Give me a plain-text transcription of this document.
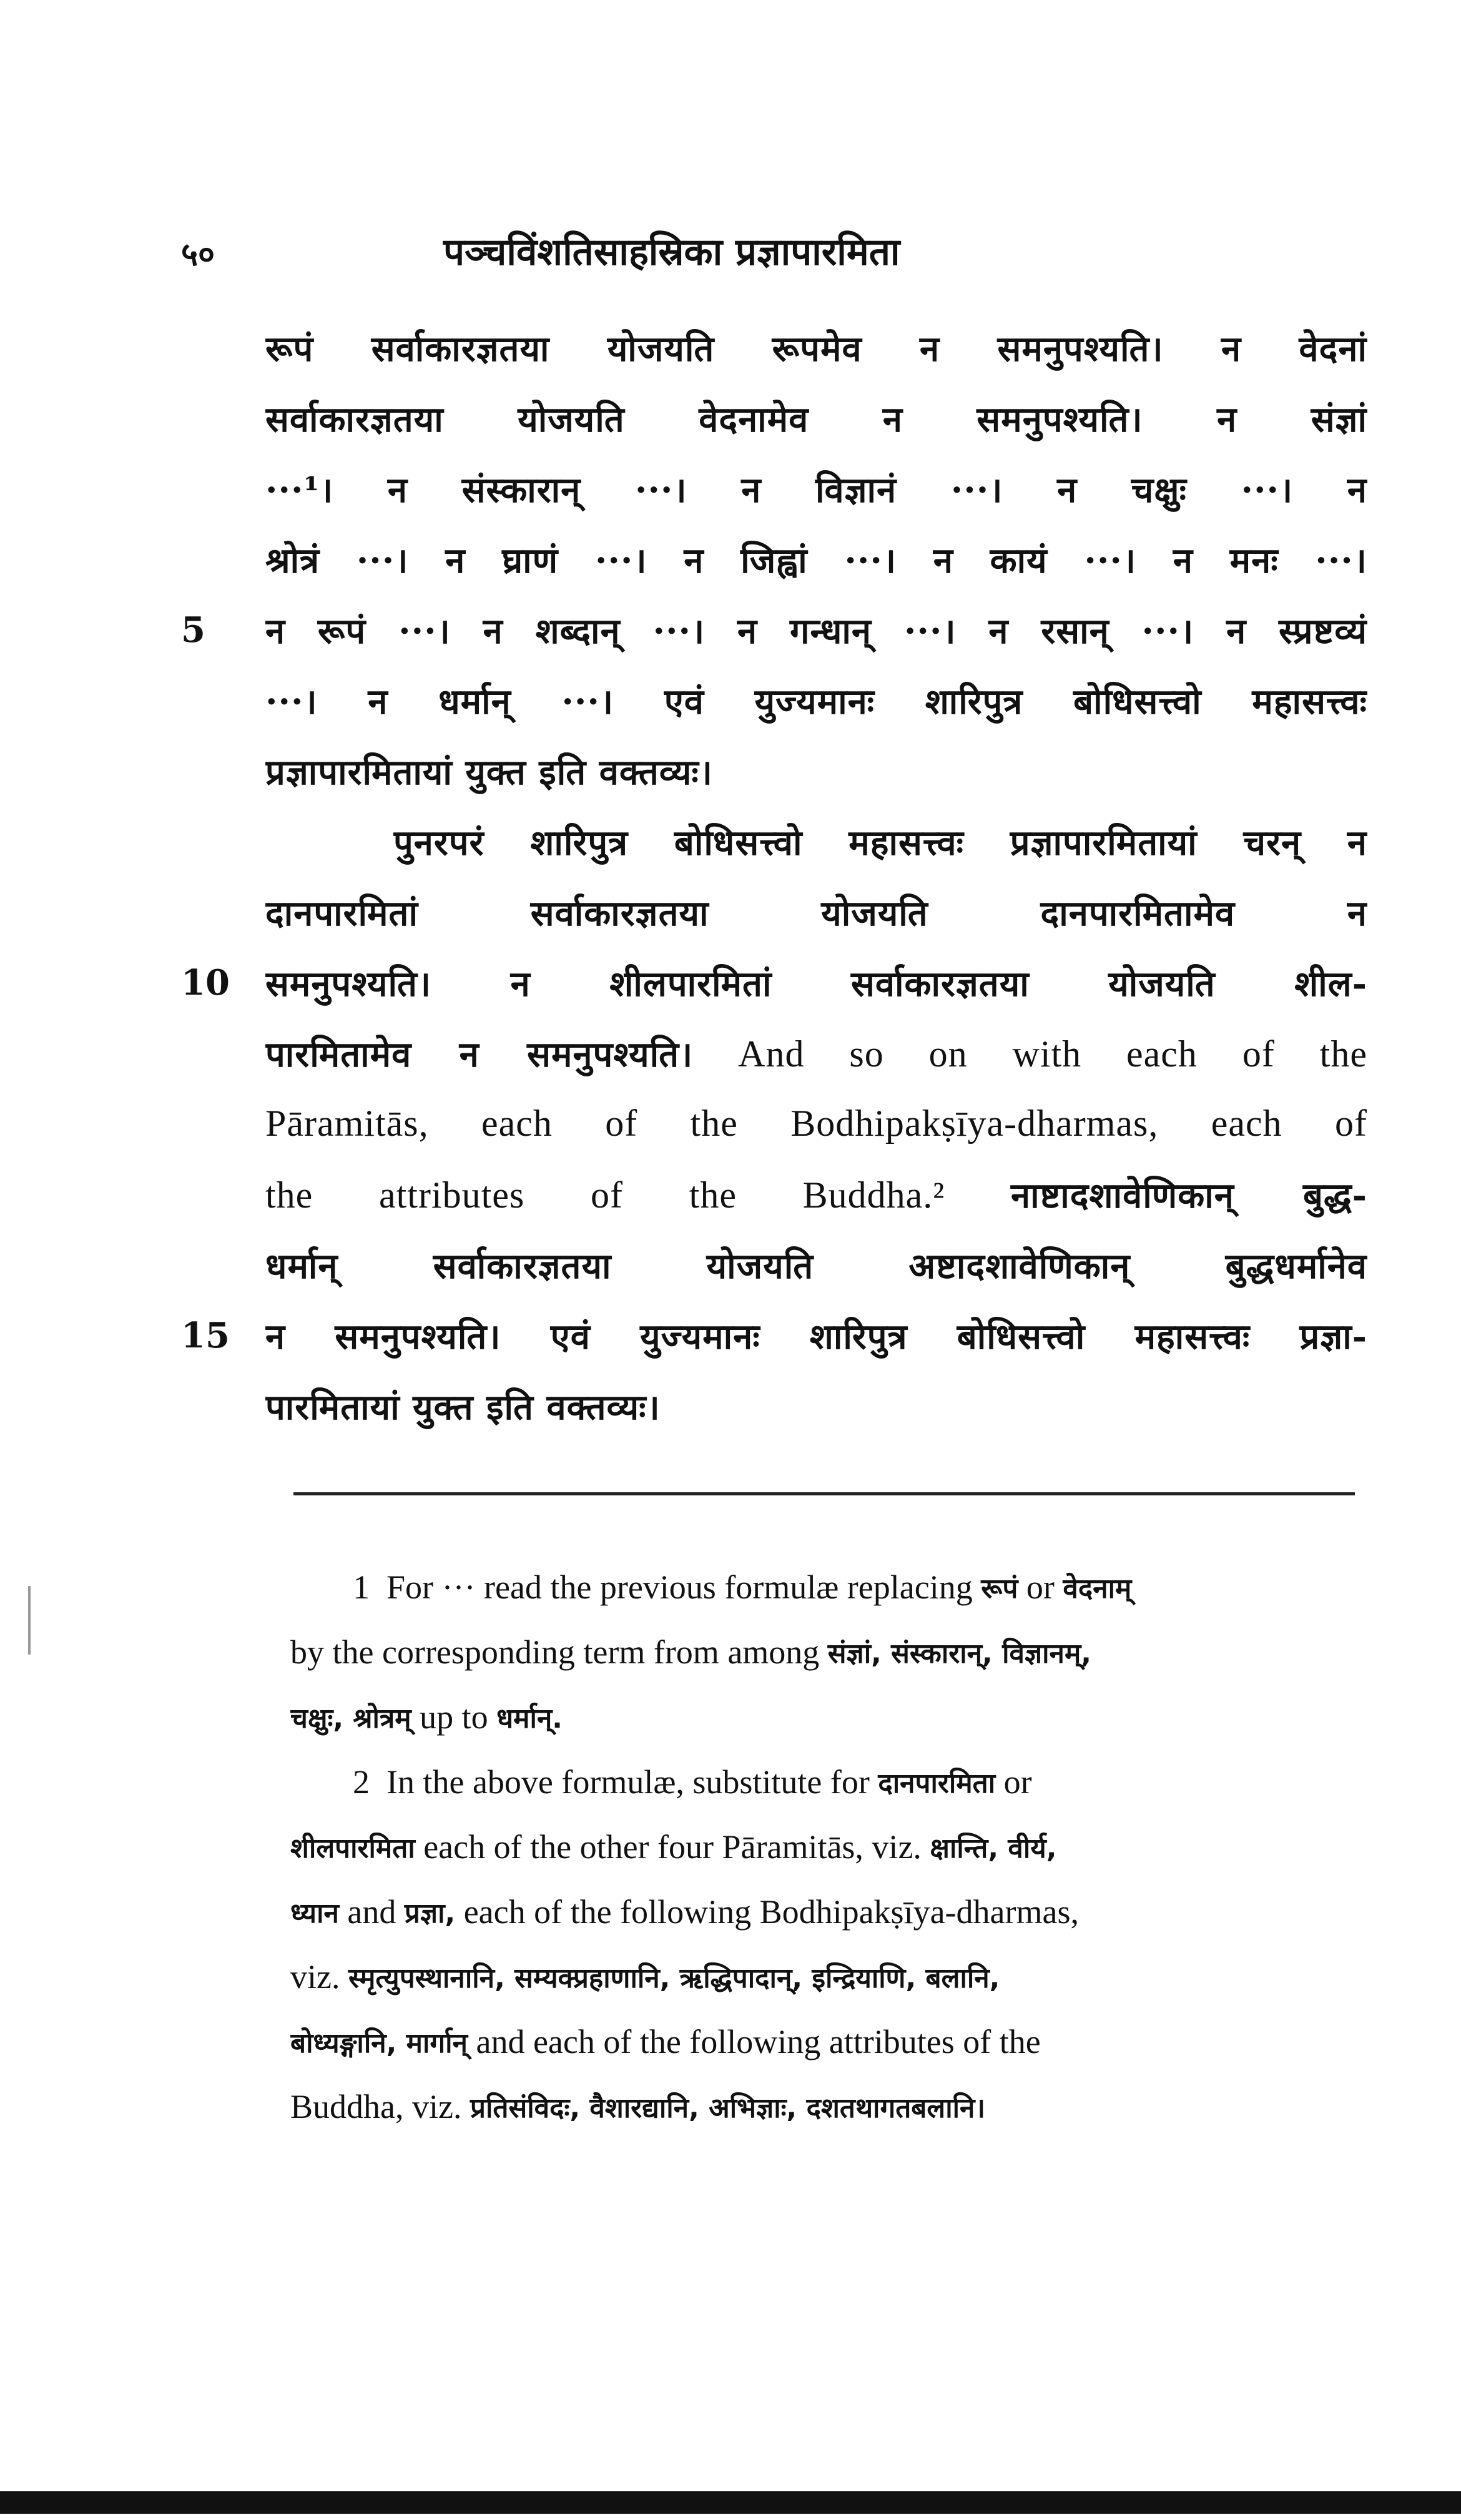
५०	पञ्चविंशतिसाहस्रिका प्रज्ञापारमिता
रूपं सर्वाकारज्ञतया योजयति रूपमेव न समनुपश्यति। न वेदनां
सर्वाकारज्ञतया योजयति वेदनामेव न समनुपश्यति। न संज्ञां
···¹। न संस्कारान् ···। न विज्ञानं ···। न चक्षुः ···। न
श्रोत्रं ···। न घ्राणं ···। न जिह्वां ···। न कायं ···। न मनः ···।
5	न रूपं ···। न शब्दान् ···। न गन्धान् ···। न रसान् ···। न स्प्रष्टव्यं
···। न धर्मान् ···। एवं युज्यमानः शारिपुत्र बोधिसत्त्वो महासत्त्वः
प्रज्ञापारमितायां युक्त इति वक्तव्यः।
पुनरपरं शारिपुत्र बोधिसत्त्वो महासत्त्वः प्रज्ञापारमितायां चरन् न
दानपारमितां सर्वाकारज्ञतया योजयति दानपारमितामेव न
10 समनुपश्यति। न शीलपारमितां सर्वाकारज्ञतया योजयति शील-
पारमितामेव न समनुपश्यति। And so on with each of the
Pāramitās, each of the Bodhipakṣīya-dharmas, each of
the attributes of the Buddha.² नाष्टादशावेणिकान् बुद्ध-
धर्मान् सर्वाकारज्ञतया योजयति अष्टादशावेणिकान् बुद्धधर्मानेव
15 न समनुपश्यति। एवं युज्यमानः शारिपुत्र बोधिसत्त्वो महासत्त्वः प्रज्ञा-
पारमितायां युक्त इति वक्तव्यः।
1  For ··· read the previous formulæ replacing रूपं or वेदनाम्
by the corresponding term from among संज्ञां, संस्कारान्, विज्ञानम्,
चक्षुः, श्रोत्रम् up to धर्मान्.
2  In the above formulæ, substitute for दानपारमिता or
शीलपारमिता each of the other four Pāramitās, viz. क्षान्ति, वीर्य,
ध्यान and प्रज्ञा, each of the following Bodhipakṣīya-dharmas,
viz. स्मृत्युपस्थानानि, सम्यक्प्रहाणानि, ऋद्धिपादान्, इन्द्रियाणि, बलानि,
बोध्यङ्गानि, मार्गान् and each of the following attributes of the
Buddha, viz. प्रतिसंविदः, वैशारद्यानि, अभिज्ञाः, दशतथागतबलानि।
